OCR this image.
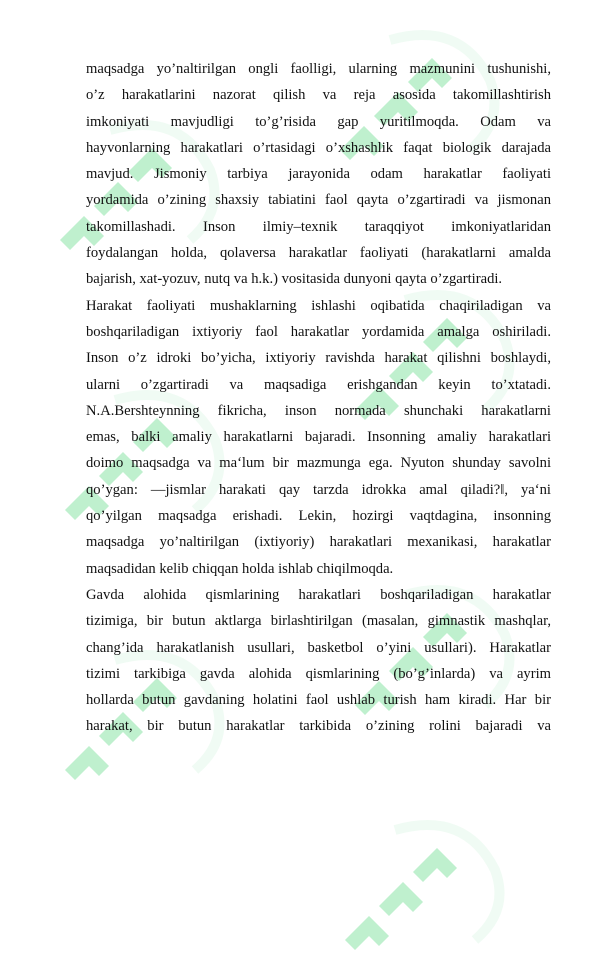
maqsadga yo’naltirilgan ongli faolligi, ularning mazmunini tushunishi,
o’z harakatlarini nazorat qilish va reja asosida takomillashtirish
imkoniyati mavjudligi to’g’risida gap yuritilmoqda. Odam va
hayvonlarning harakatlari o’rtasidagi o’xshashlik faqat biologik darajada
mavjud. Jismoniy tarbiya jarayonida odam harakatlar faoliyati
yordamida o’zining shaxsiy tabiatini faol qayta o’zgartiradi va jismonan
takomillashadi. Inson ilmiy–texnik taraqqiyot imkoniyatlaridan
foydalangan holda, qolaversa harakatlar faoliyati (harakatlarni amalda
bajarish, xat-yozuv, nutq va h.k.) vositasida dunyoni qayta o’zgartiradi.

Harakat faoliyati mushaklarning ishlashi oqibatida chaqiriladigan va
boshqariladigan ixtiyoriy faol harakatlar yordamida amalga oshiriladi.
Inson o’z idroki bo’yicha, ixtiyoriy ravishda harakat qilishni boshlaydi,
ularni o’zgartiradi va maqsadiga erishgandan keyin to’xtatadi.
N.A.Bershteynning fikricha, inson normada shunchaki harakatlarni
emas, balki amaliy harakatlarni bajaradi. Insonning amaliy harakatlari
doimo maqsadga va ma‘lum bir mazmunga ega. Nyuton shunday savolni
qo’ygan: ―jismlar harakati qay tarzda idrokka amal qiladi?‖, ya‘ni
qo’yilgan maqsadga erishadi. Lekin, hozirgi vaqtdagina, insonning
maqsadga yo’naltirilgan (ixtiyoriy) harakatlari mexanikasi, harakatlar
maqsadidan kelib chiqqan holda ishlab chiqilmoqda.

Gavda alohida qismlarining harakatlari boshqariladigan harakatlar
tizimiga, bir butun aktlarga birlashtirilgan (masalan, gimnastik mashqlar,
chang’ida harakatlanish usullari, basketbol o’yini usullari). Harakatlar
tizimi tarkibiga gavda alohida qismlarining (bo’g’inlarda) va ayrim
hollarda butun gavdaning holatini faol ushlab turish ham kiradi. Har bir
harakat, bir butun harakatlar tarkibida o’zining rolini bajaradi va
